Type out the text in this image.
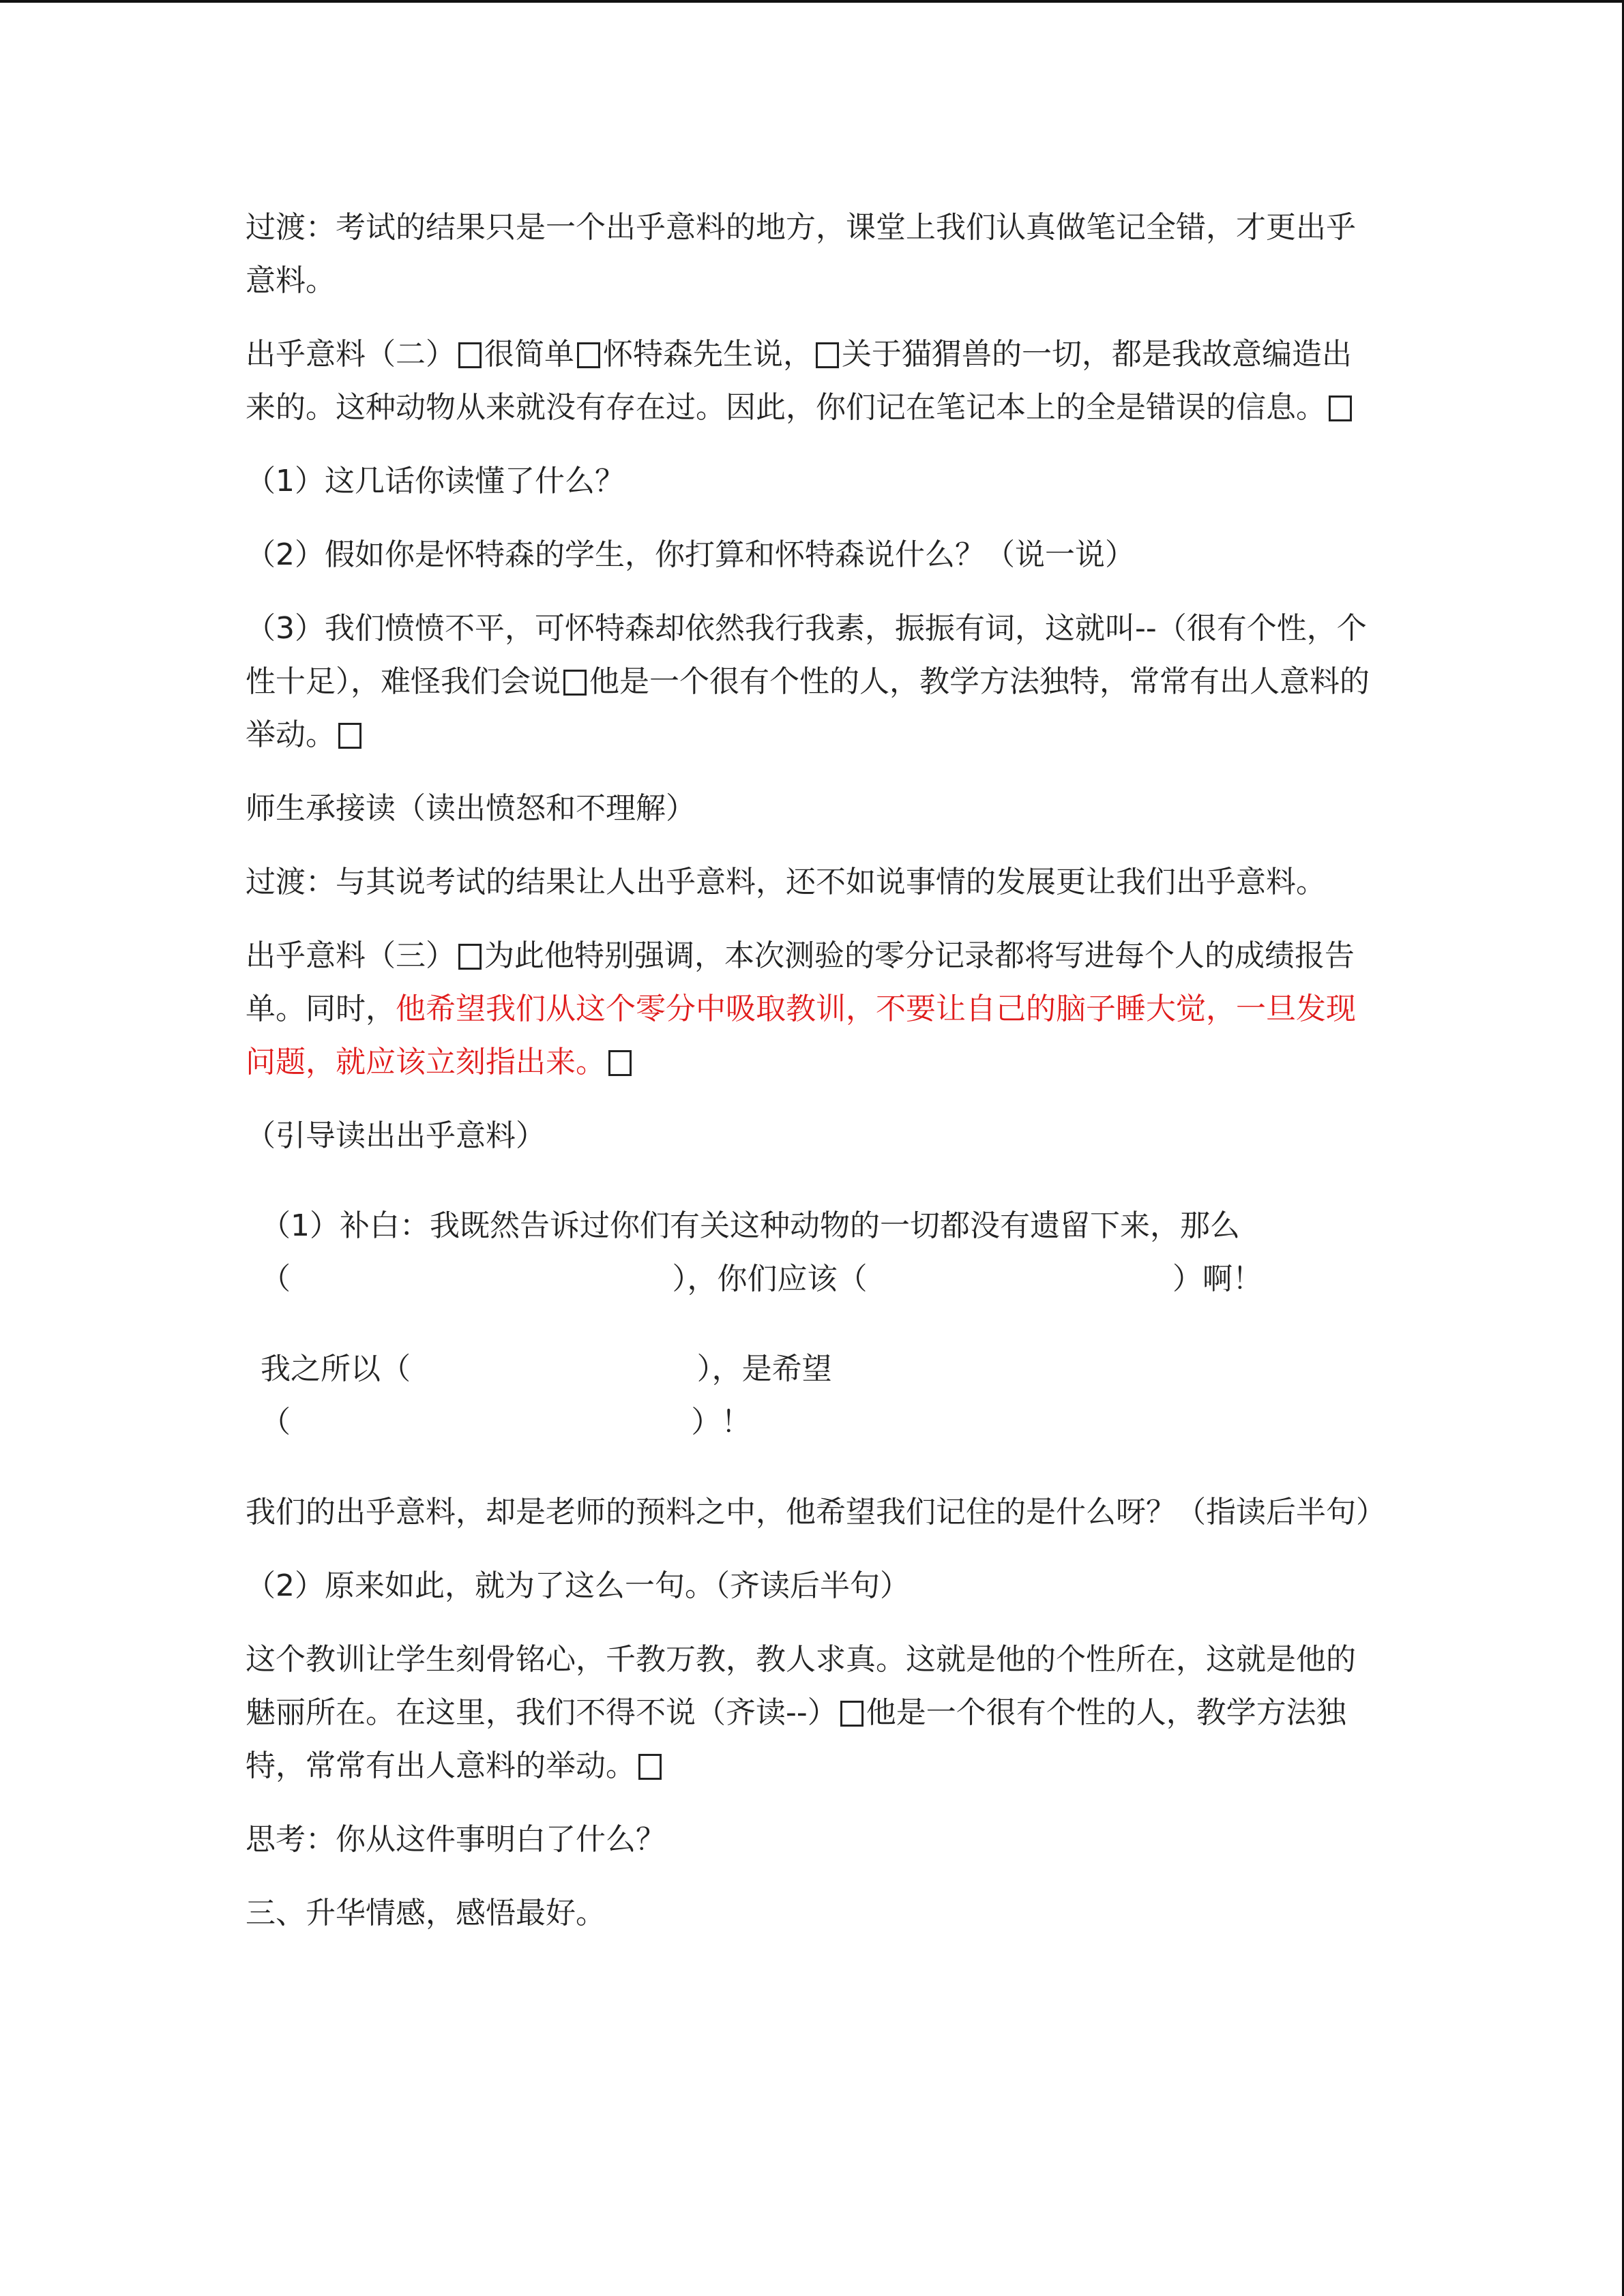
过渡：考试的结果只是一个出乎意料的地方，课堂上我们认真做笔记全错，才更出乎意料。

出乎意料（二） 很简单 怀特森先生说， 关于猫猬兽的一切，都是我故意编造出来的。这种动物从来就没有存在过。因此，你们记在笔记本上的全是错误的信息。

（1）这几话你读懂了什么？

（2）假如你是怀特森的学生，你打算和怀特森说什么？（说一说）

（3）我们愤愤不平，可怀特森却依然我行我素，振振有词，这就叫--（很有个性，个性十足），难怪我们会说 他是一个很有个性的人，教学方法独特，常常有出人意料的举动。

师生承接读（读出愤怒和不理解）

过渡：与其说考试的结果让人出乎意料，还不如说事情的发展更让我们出乎意料。

出乎意料（三） 为此他特别强调，本次测验的零分记录都将写进每个人的成绩报告单。同时，他希望我们从这个零分中吸取教训，不要让自己的脑子睡大觉，一旦发现问题，就应该立刻指出来。

（引导读出出乎意料）

（1）补白：我既然告诉过你们有关这种动物的一切都没有遗留下来，那么

（                                        ），你们应该（                                ）啊！

我之所以（                              ），是希望

（                                          ）！

我们的出乎意料，却是老师的预料之中，他希望我们记住的是什么呀？（指读后半句）

（2）原来如此，就为了这么一句。（齐读后半句）

这个教训让学生刻骨铭心，千教万教，教人求真。这就是他的个性所在，这就是他的魅丽所在。在这里，我们不得不说（齐读--） 他是一个很有个性的人，教学方法独特，常常有出人意料的举动。

思考：你从这件事明白了什么？

三、升华情感，感悟最好。
